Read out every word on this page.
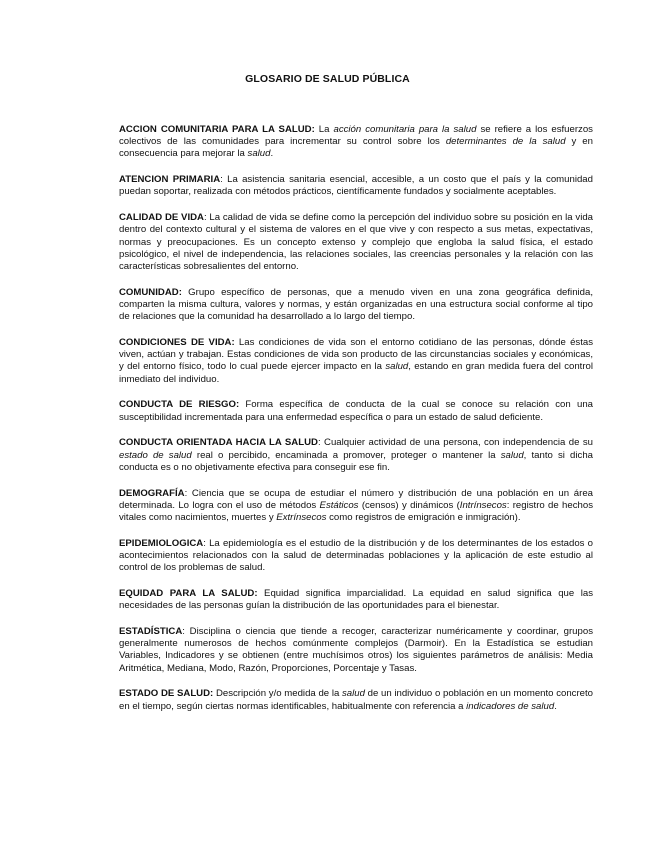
GLOSARIO DE SALUD PÚBLICA

ACCION COMUNITARIA PARA LA SALUD: La acción comunitaria para la salud se refiere a los esfuerzos colectivos de las comunidades para incrementar su control sobre los determinantes de la salud y en consecuencia para mejorar la salud.

ATENCION PRIMARIA: La asistencia sanitaria esencial, accesible, a un costo que el país y la comunidad puedan soportar, realizada con métodos prácticos, científicamente fundados y socialmente aceptables.

CALIDAD DE VIDA: La calidad de vida se define como la percepción del individuo sobre su posición en la vida dentro del contexto cultural y el sistema de valores en el que vive y con respecto a sus metas, expectativas, normas y preocupaciones. Es un concepto extenso y complejo que engloba la salud física, el estado psicológico, el nivel de independencia, las relaciones sociales, las creencias personales y la relación con las características sobresalientes del entorno.

COMUNIDAD: Grupo específico de personas, que a menudo viven en una zona geográfica definida, comparten la misma cultura, valores y normas, y están organizadas en una estructura social conforme al tipo de relaciones que la comunidad ha desarrollado a lo largo del tiempo.

CONDICIONES DE VIDA: Las condiciones de vida son el entorno cotidiano de las personas, dónde éstas viven, actúan y trabajan. Estas condiciones de vida son producto de las circunstancias sociales y económicas, y del entorno físico, todo lo cual puede ejercer impacto en la salud, estando en gran medida fuera del control inmediato del individuo.

CONDUCTA DE RIESGO: Forma específica de conducta de la cual se conoce su relación con una susceptibilidad incrementada para una enfermedad específica o para un estado de salud deficiente.

CONDUCTA ORIENTADA HACIA LA SALUD: Cualquier actividad de una persona, con independencia de su estado de salud real o percibido, encaminada a promover, proteger o mantener la salud, tanto si dicha conducta es o no objetivamente efectiva para conseguir ese fin.

DEMOGRAFÍA: Ciencia que se ocupa de estudiar el número y distribución de una población en un área determinada. Lo logra con el uso de métodos Estáticos (censos) y dinámicos (Intrínsecos: registro de hechos vitales como nacimientos, muertes y Extrínsecos como registros de emigración e inmigración).

EPIDEMIOLOGICA: La epidemiología es el estudio de la distribución y de los determinantes de los estados o acontecimientos relacionados con la salud de determinadas poblaciones y la aplicación de este estudio al control de los problemas de salud.

EQUIDAD PARA LA SALUD: Equidad significa imparcialidad. La equidad en salud significa que las necesidades de las personas guían la distribución de las oportunidades para el bienestar.

ESTADÍSTICA: Disciplina o ciencia que tiende a recoger, caracterizar numéricamente y coordinar, grupos generalmente numerosos de hechos comúnmente complejos (Darmoir). En la Estadística se estudian Variables, Indicadores y se obtienen (entre muchísimos otros) los siguientes parámetros de análisis: Media Aritmética, Mediana, Modo, Razón, Proporciones, Porcentaje y Tasas.

ESTADO DE SALUD: Descripción y/o medida de la salud de un individuo o población en un momento concreto en el tiempo, según ciertas normas identificables, habitualmente con referencia a indicadores de salud.
